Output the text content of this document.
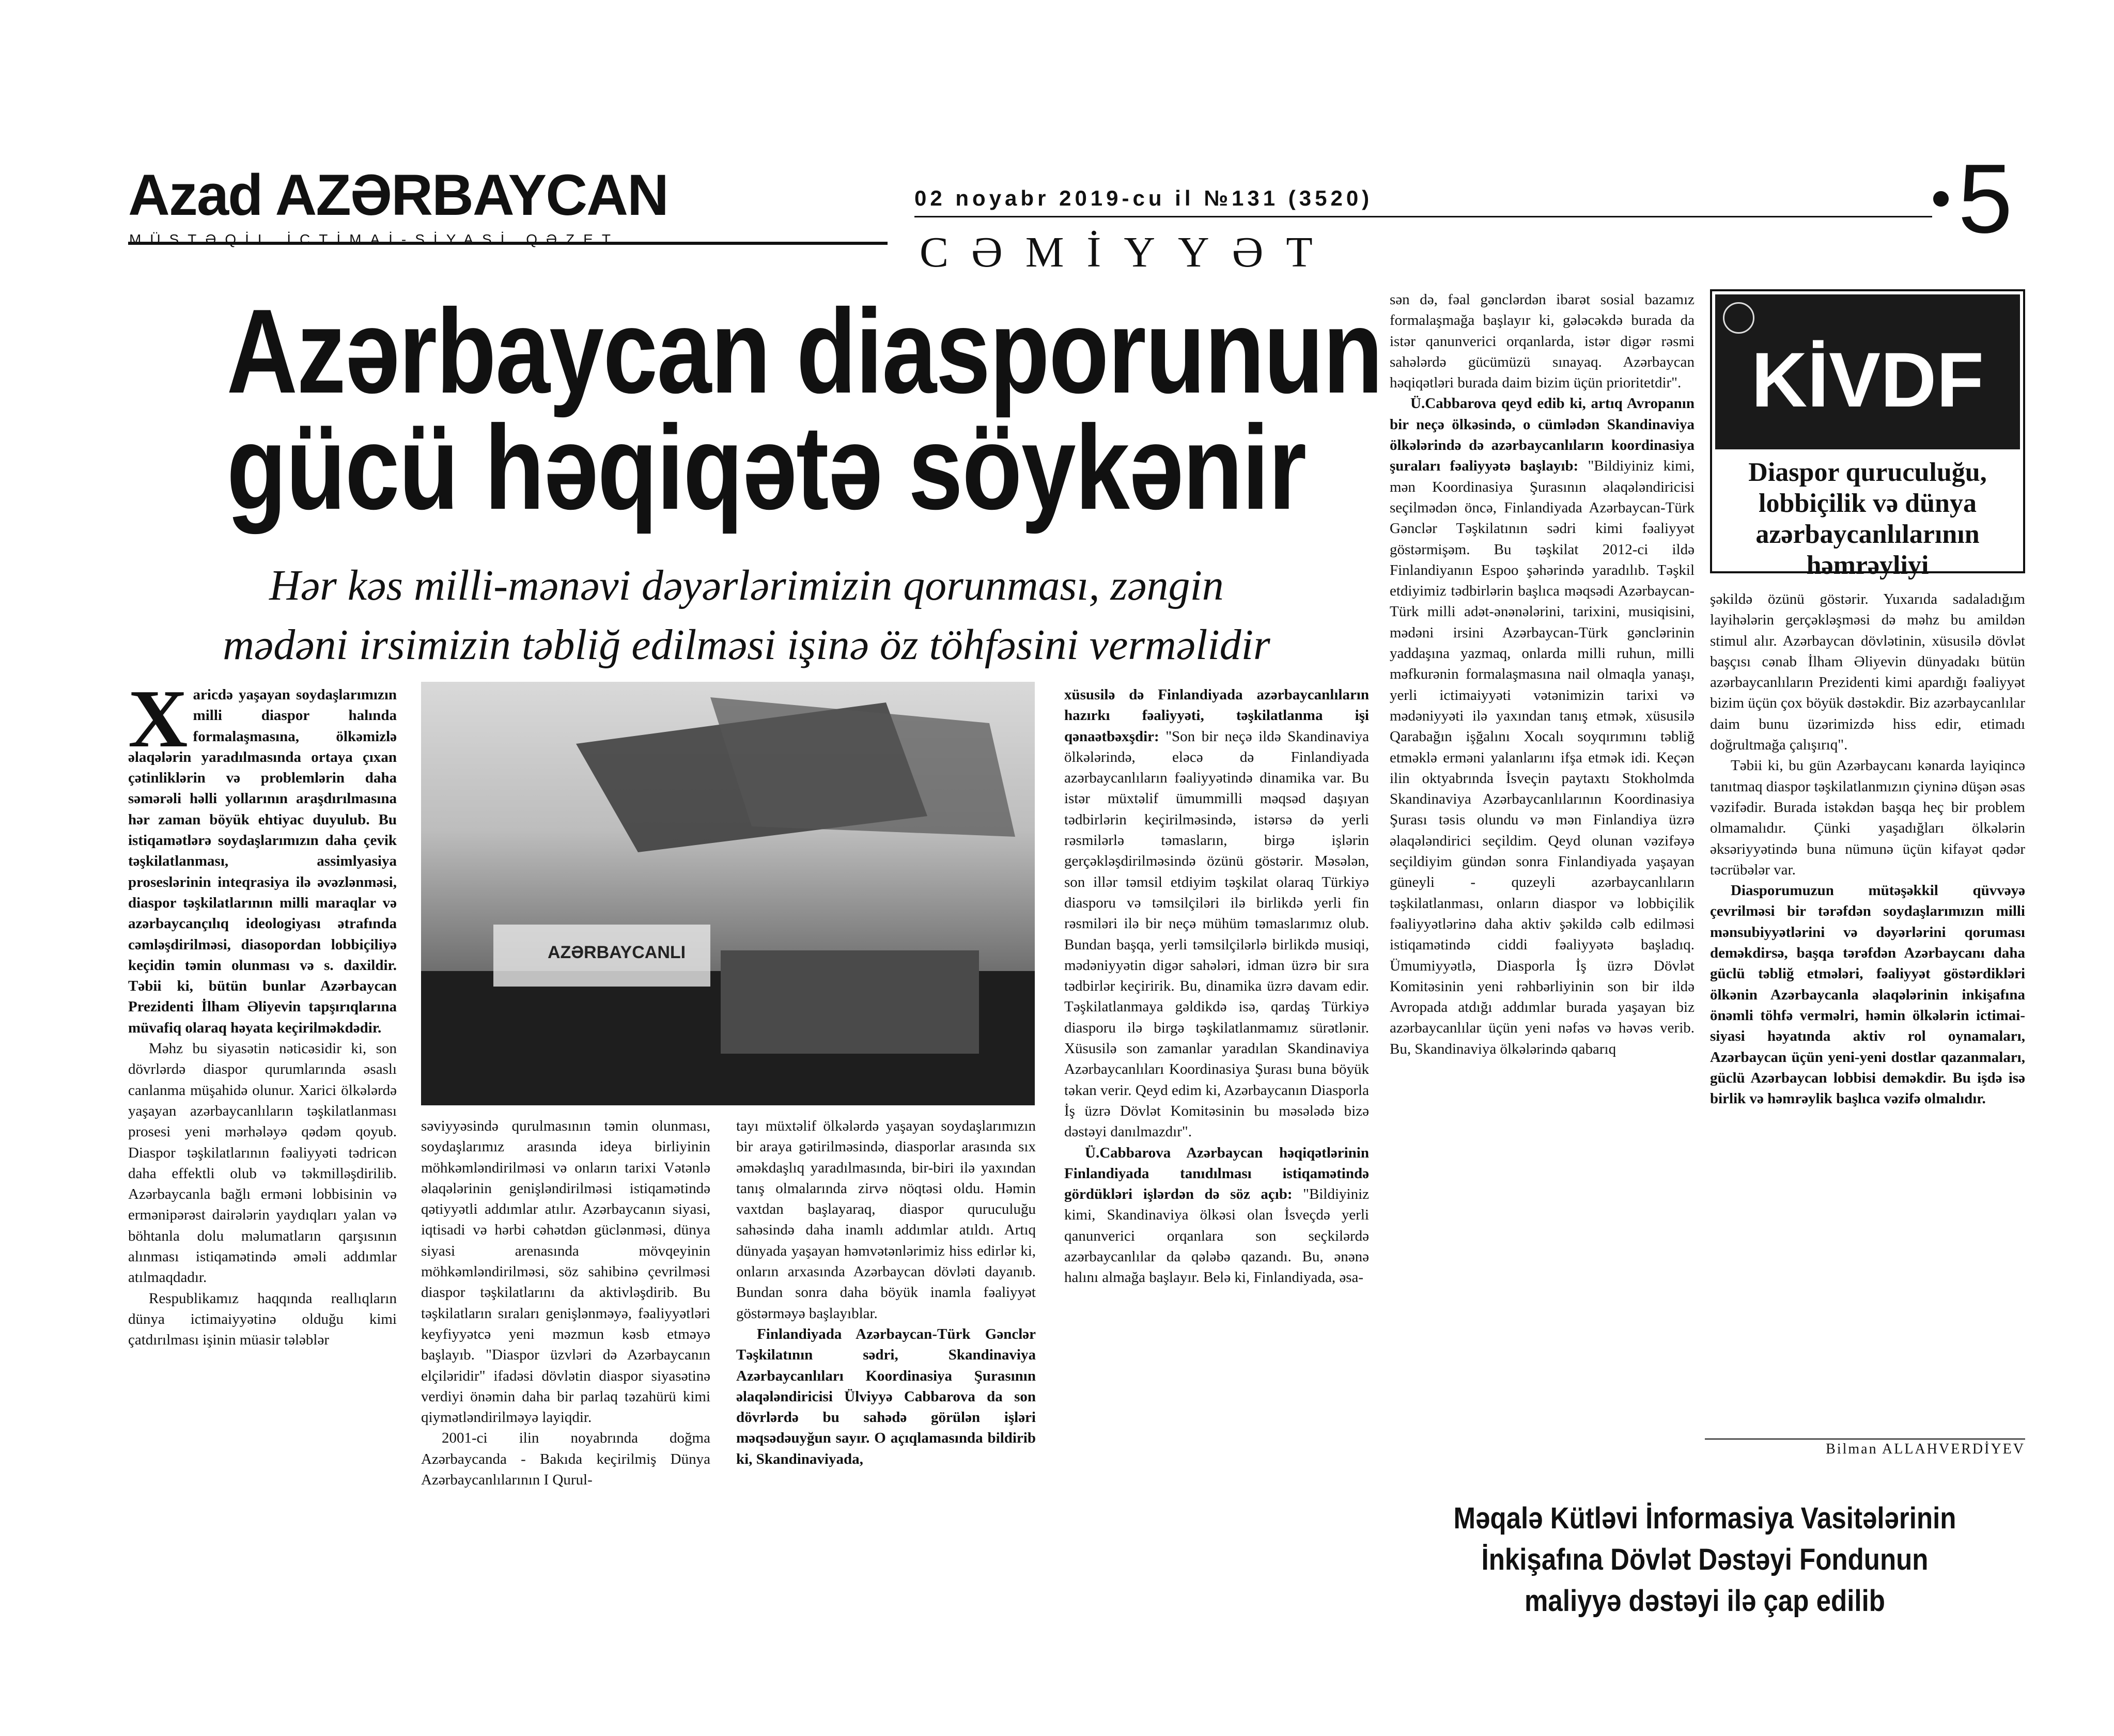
Azad AZƏRBAYCAN
MÜSTƏQİL İCTİMAİ-SİYASİ QƏZET
02 noyabr 2019-cu il №131 (3520)
CƏMİYYƏT	5
Azərbaycan diasporunun
gücü həqiqətə söykənir
Hər kəs milli-mənəvi dəyərlərimizin qorunması, zəngin
mədəni irsimizin təbliğ edilməsi işinə öz töhfəsini verməlidir
X aricdə yaşayan soydaşlarımızın milli diaspor halında formalaşmasına, ölkəmizlə əlaqələrin yaradılmasında ortaya çıxan çətinliklərin və problemlərin daha səmərəli həlli yollarının araşdırılmasına hər zaman böyük ehtiyac duyulub. Bu istiqamətlərə soydaşlarımızın daha çevik təşkilatlanması, assimlyasiya proseslərinin inteqrasiya ilə əvəzlənməsi, diaspor təşkilatlarının milli maraqlar və azərbaycançılıq ideologiyası ətrafında cəmləşdirilməsi, diasopordan lobbiçiliyə keçidin təmin olunması və s. daxildir. Təbii ki, bütün bunlar Azərbaycan Prezidenti İlham Əliyevin tapşırıqlarına müvafiq olaraq həyata keçirilməkdədir.

Məhz bu siyasətin nəticəsidir ki, son dövrlərdə diaspor qurumlarında əsaslı canlanma müşahidə olunur. Xarici ölkələrdə yaşayan azərbaycanlıların təşkilatlanması prosesi yeni mərhələyə qədəm qoyub. Diaspor təşkilatlarının fəaliyyəti tədricən daha effektli olub və təkmilləşdirilib. Azərbaycanla bağlı erməni lobbisinin və ermənipərəst dairələrin yaydıqları yalan və böhtanla dolu məlumatların qarşısının alınması istiqamətində əməli addımlar atılmaqdadır.

Respublikamız haqqında reallıqların dünya ictimaiyyətinə olduğu kimi çatdırılması işinin müasir tələblər

AZƏRBAYCANLI

səviyyəsində qurulmasının təmin olunması, soydaşlarımız arasında ideya birliyinin möhkəmləndirilməsi və onların tarixi Vətənlə əlaqələrinin genişləndirilməsi istiqamətində qətiyyətli addımlar atılır. Azərbaycanın siyasi, iqtisadi və hərbi cəhətdən güclənməsi, dünya siyasi arenasında mövqeyinin möhkəmləndirilməsi, söz sahibinə çevrilməsi diaspor təşkilatlarını da aktivləşdirib. Bu təşkilatların sıraları genişlənməyə, fəaliyyətləri keyfiyyətcə yeni məzmun kəsb etməyə başlayıb. "Diaspor üzvləri də Azərbaycanın elçiləridir" ifadəsi dövlətin diaspor siyasətinə verdiyi önəmin daha bir parlaq təzahürü kimi qiymətləndirilməyə layiqdir.

2001-ci ilin noyabrında doğma Azərbaycanda - Bakıda keçirilmiş Dünya Azərbaycanlılarının I Qurul-

tayı müxtəlif ölkələrdə yaşayan soydaşlarımızın bir araya gətirilməsində, diasporlar arasında sıx əməkdaşlıq yaradılmasında, bir-biri ilə yaxından tanış olmalarında zirvə nöqtəsi oldu. Həmin vaxtdan başlayaraq, diaspor quruculuğu sahəsində daha inamlı addımlar atıldı. Artıq dünyada yaşayan həmvətənlərimiz hiss edirlər ki, onların arxasında Azərbaycan dövləti dayanıb. Bundan sonra daha böyük inamla fəaliyyət göstərməyə başlayıblar.

Finlandiyada Azərbaycan-Türk Gənclər Təşkilatının sədri, Skandinaviya Azərbaycanlıları Koordinasiya Şurasının əlaqələndiricisi Ülviyyə Cabbarova da son dövrlərdə bu sahədə görülən işləri məqsədəuyğun sayır. O açıqlamasında bildirib ki, Skandinaviyada,

xüsusilə də Finlandiyada azərbaycanlıların hazırkı fəaliyyəti, təşkilatlanma işi qənaətbəxşdir: "Son bir neçə ildə Skandinaviya ölkələrində, eləcə də Finlandiyada azərbaycanlıların fəaliyyətində dinamika var. Bu istər müxtəlif ümummilli məqsəd daşıyan tədbirlərin keçirilməsində, istərsə də yerli rəsmilərlə təmasların, birgə işlərin gerçəkləşdirilməsində özünü göstərir. Məsələn, son illər təmsil etdiyim təşkilat olaraq Türkiyə diasporu və təmsilçiləri ilə birlikdə yerli fin rəsmiləri ilə bir neçə mühüm təmaslarımız olub. Bundan başqa, yerli təmsilçilərlə birlikdə musiqi, mədəniyyətin digər sahələri, idman üzrə bir sıra tədbirlər keçiririk. Bu, dinamika üzrə davam edir. Təşkilatlanmaya gəldikdə isə, qardaş Türkiyə diasporu ilə birgə təşkilatlanmamız sürətlənir. Xüsusilə son zamanlar yaradılan Skandinaviya Azərbaycanlıları Koordinasiya Şurası buna böyük təkan verir. Qeyd edim ki, Azərbaycanın Diasporla İş üzrə Dövlət Komitəsinin bu məsələdə bizə dəstəyi danılmazdır".

Ü.Cabbarova Azərbaycan həqiqətlərinin Finlandiyada tanıdılması istiqamətində gördükləri işlərdən də söz açıb: "Bildiyiniz kimi, Skandinaviya ölkəsi olan İsveçdə yerli qanunverici orqanlara son seçkilərdə azərbaycanlılar da qələbə qazandı. Bu, ənənə halını almağa başlayır. Belə ki, Finlandiyada, əsa-

sən də, fəal gənclərdən ibarət sosial bazamız formalaşmağa başlayır ki, gələcəkdə burada da istər qanunverici orqanlarda, istər digər rəsmi sahələrdə gücümüzü sınayaq. Azərbaycan həqiqətləri burada daim bizim üçün prioritetdir".

Ü.Cabbarova qeyd edib ki, artıq Avropanın bir neçə ölkəsində, o cümlədən Skandinaviya ölkələrində də azərbaycanlıların koordinasiya şuraları fəaliyyətə başlayıb: "Bildiyiniz kimi, mən Koordinasiya Şurasının əlaqələndiricisi seçilmədən öncə, Finlandiyada Azərbaycan-Türk Gənclər Təşkilatının sədri kimi fəaliyyət göstərmişəm. Bu təşkilat 2012-ci ildə Finlandiyanın Espoo şəhərində yaradılıb. Təşkil etdiyimiz tədbirlərin başlıca məqsədi Azərbaycan-Türk milli adət-ənənələrini, tarixini, musiqisini, mədəni irsini Azərbaycan-Türk gənclərinin yaddaşına yazmaq, onlarda milli ruhun, milli məfkurənin formalaşmasına nail olmaqla yanaşı, yerli ictimaiyyəti vətənimizin tarixi və mədəniyyəti ilə yaxından tanış etmək, xüsusilə Qarabağın işğalını Xocalı soyqırımını təbliğ etməklə erməni yalanlarını ifşa etmək idi. Keçən ilin oktyabrında İsveçin paytaxtı Stokholmda Skandinaviya Azərbaycanlılarının Koordinasiya Şurası təsis olundu və mən Finlandiya üzrə əlaqələndirici seçildim. Qeyd olunan vəzifəyə seçildiyim gündən sonra Finlandiyada yaşayan güneyli - quzeyli azərbaycanlıların təşkilatlanması, onların diaspor və lobbiçilik fəaliyyətlərinə daha aktiv şəkildə cəlb edilməsi istiqamətində ciddi fəaliyyətə başladıq. Ümumiyyətlə, Diasporla İş üzrə Dövlət Komitəsinin yeni rəhbərliyinin son bir ildə Avropada atdığı addımlar burada yaşayan biz azərbaycanlılar üçün yeni nəfəs və həvəs verib. Bu, Skandinaviya ölkələrində qabarıq

KİVDF
Diaspor quruculuğu, lobbiçilik və dünya azərbaycanlılarının həmrəyliyi

şəkildə özünü göstərir. Yuxarıda sadaladığım layihələrin gerçəkləşməsi də məhz bu amildən stimul alır. Azərbaycan dövlətinin, xüsusilə dövlət başçısı cənab İlham Əliyevin dünyadakı bütün azərbaycanlıların Prezidenti kimi apardığı fəaliyyət bizim üçün çox böyük dəstəkdir. Biz azərbaycanlılar daim bunu üzərimizdə hiss edir, etimadı doğrultmağa çalışırıq".

Təbii ki, bu gün Azərbaycanı kənarda layiqincə tanıtmaq diaspor təşkilatlanmızın çiyninə düşən əsas vəzifədir. Burada istəkdən başqa heç bir problem olmamalıdır. Çünki yaşadığları ölkələrin əksəriyyətində buna nümunə üçün kifayət qədər təcrübələr var.

Diasporumuzun mütəşəkkil qüvvəyə çevrilməsi bir tərəfdən soydaşlarımızın milli mənsubiyyətlərini və dəyərlərini qoruması deməkdirsə, başqa tərəfdən Azərbaycanı daha güclü təbliğ etmələri, fəaliyyət göstərdikləri ölkənin Azərbaycanla əlaqələrinin inkişafına önəmli töhfə verməlri, həmin ölkələrin ictimai-siyasi həyatında aktiv rol oynamaları, Azərbaycan üçün yeni-yeni dostlar qazanmaları, güclü Azərbaycan lobbisi deməkdir. Bu işdə isə birlik və həmrəylik başlıca vəzifə olmalıdır.

Bilman ALLAHVERDİYEV
Məqalə Kütləvi İnformasiya Vasitələrinin
İnkişafına Dövlət Dəstəyi Fondunun
maliyyə dəstəyi ilə çap edilib
